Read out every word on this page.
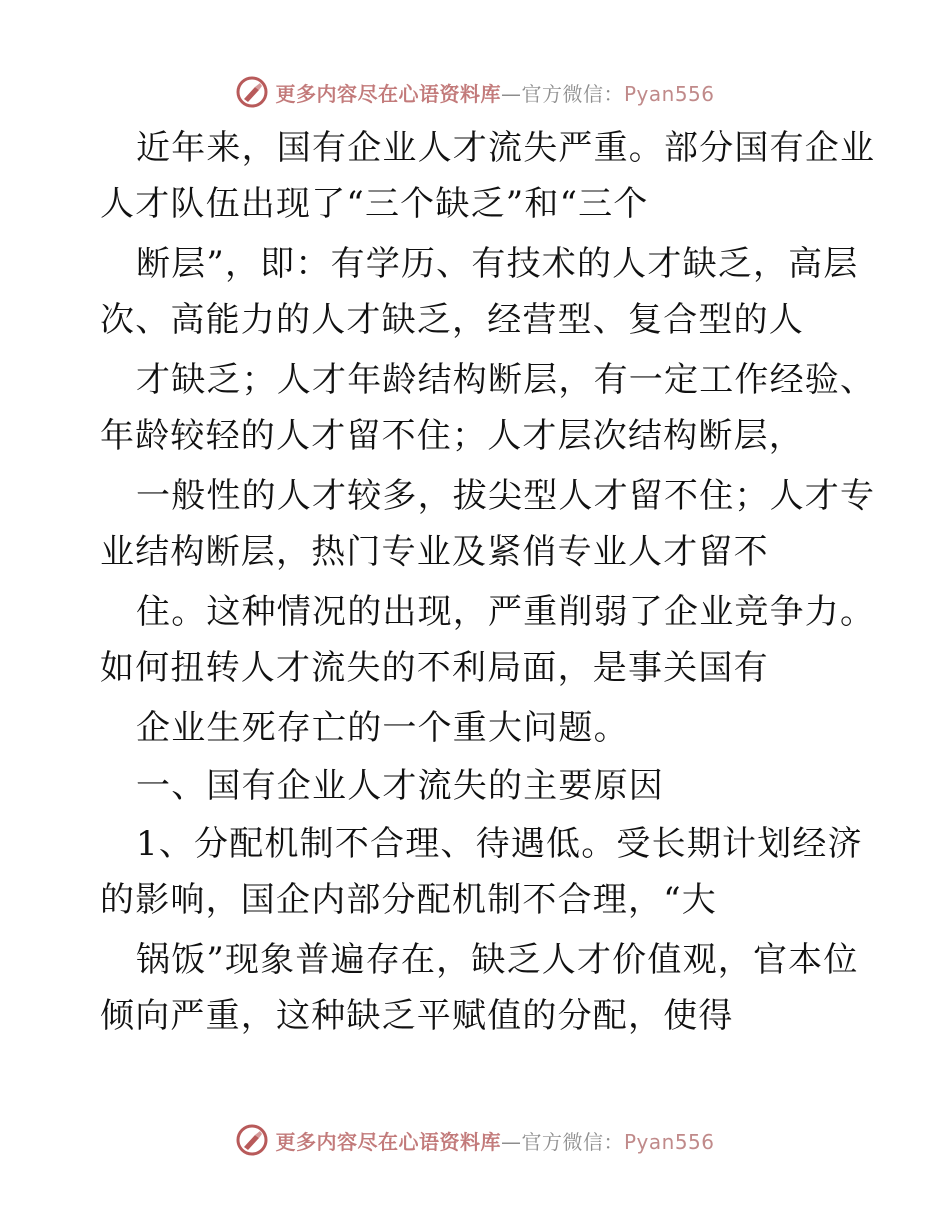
更多内容尽在心语资料库—官方微信：Pyan556
近年来，国有企业人才流失严重。部分国有企业
人才队伍出现了“三个缺乏”和“三个
断层”，即：有学历、有技术的人才缺乏，高层
次、高能力的人才缺乏，经营型、复合型的人
才缺乏；人才年龄结构断层，有一定工作经验、
年龄较轻的人才留不住；人才层次结构断层，
一般性的人才较多，拔尖型人才留不住；人才专
业结构断层，热门专业及紧俏专业人才留不
住。这种情况的出现，严重削弱了企业竞争力。
如何扭转人才流失的不利局面，是事关国有
企业生死存亡的一个重大问题。
一、国有企业人才流失的主要原因
1、分配机制不合理、待遇低。受长期计划经济
的影响，国企内部分配机制不合理，“大
锅饭”现象普遍存在，缺乏人才价值观，官本位
倾向严重，这种缺乏平赋值的分配，使得
更多内容尽在心语资料库—官方微信：Pyan556
